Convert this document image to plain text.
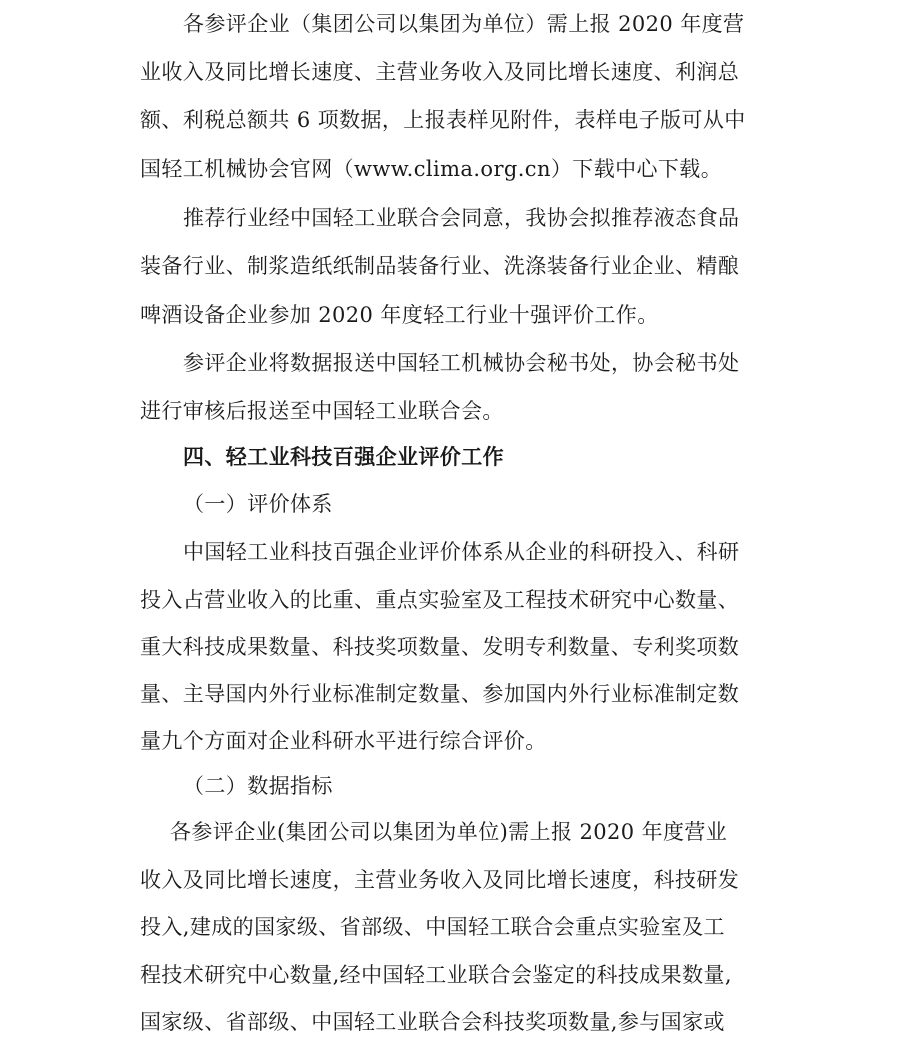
各参评企业（集团公司以集团为单位）需上报 2020 年度营
业收入及同比增长速度、主营业务收入及同比增长速度、利润总
额、利税总额共 6 项数据，上报表样见附件，表样电子版可从中
国轻工机械协会官网（www.clima.org.cn）下载中心下载。
推荐行业经中国轻工业联合会同意，我协会拟推荐液态食品
装备行业、制浆造纸纸制品装备行业、洗涤装备行业企业、精酿
啤酒设备企业参加 2020 年度轻工行业十强评价工作。
参评企业将数据报送中国轻工机械协会秘书处，协会秘书处
进行审核后报送至中国轻工业联合会。
四、轻工业科技百强企业评价工作
（一）评价体系
中国轻工业科技百强企业评价体系从企业的科研投入、科研
投入占营业收入的比重、重点实验室及工程技术研究中心数量、
重大科技成果数量、科技奖项数量、发明专利数量、专利奖项数
量、主导国内外行业标准制定数量、参加国内外行业标准制定数
量九个方面对企业科研水平进行综合评价。
（二）数据指标
各参评企业(集团公司以集团为单位)需上报 2020 年度营业
收入及同比增长速度，主营业务收入及同比增长速度，科技研发
投入,建成的国家级、省部级、中国轻工联合会重点实验室及工
程技术研究中心数量,经中国轻工业联合会鉴定的科技成果数量,
国家级、省部级、中国轻工业联合会科技奖项数量,参与国家或
